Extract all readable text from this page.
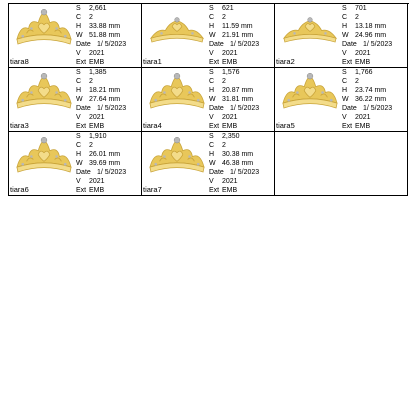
tiara8
S 2,661
C 2
H 33.88 mm
W 51.88 mm
Date 1/ 5/2023
V 2021
Ext EMB	tiara1
S 621
C 2
H 11.59 mm
W 21.91 mm
Date 1/ 5/2023
V 2021
Ext EMB	tiara2
S 701
C 2
H 13.18 mm
W 24.96 mm
Date 1/ 5/2023
V 2021
Ext EMB
tiara3
S 1,385
C 2
H 18.21 mm
W 27.64 mm
Date 1/ 5/2023
V 2021
Ext EMB	tiara4
S 1,576
C 2
H 20.87 mm
W 31.81 mm
Date 1/ 5/2023
V 2021
Ext EMB	tiara5
S 1,766
C 2
H 23.74 mm
W 36.22 mm
Date 1/ 5/2023
V 2021
Ext EMB
tiara6
S 1,910
C 2
H 26.01 mm
W 39.69 mm
Date 1/ 5/2023
V 2021
Ext EMB	tiara7
S 2,350
C 2
H 30.38 mm
W 46.38 mm
Date 1/ 5/2023
V 2021
Ext EMB
